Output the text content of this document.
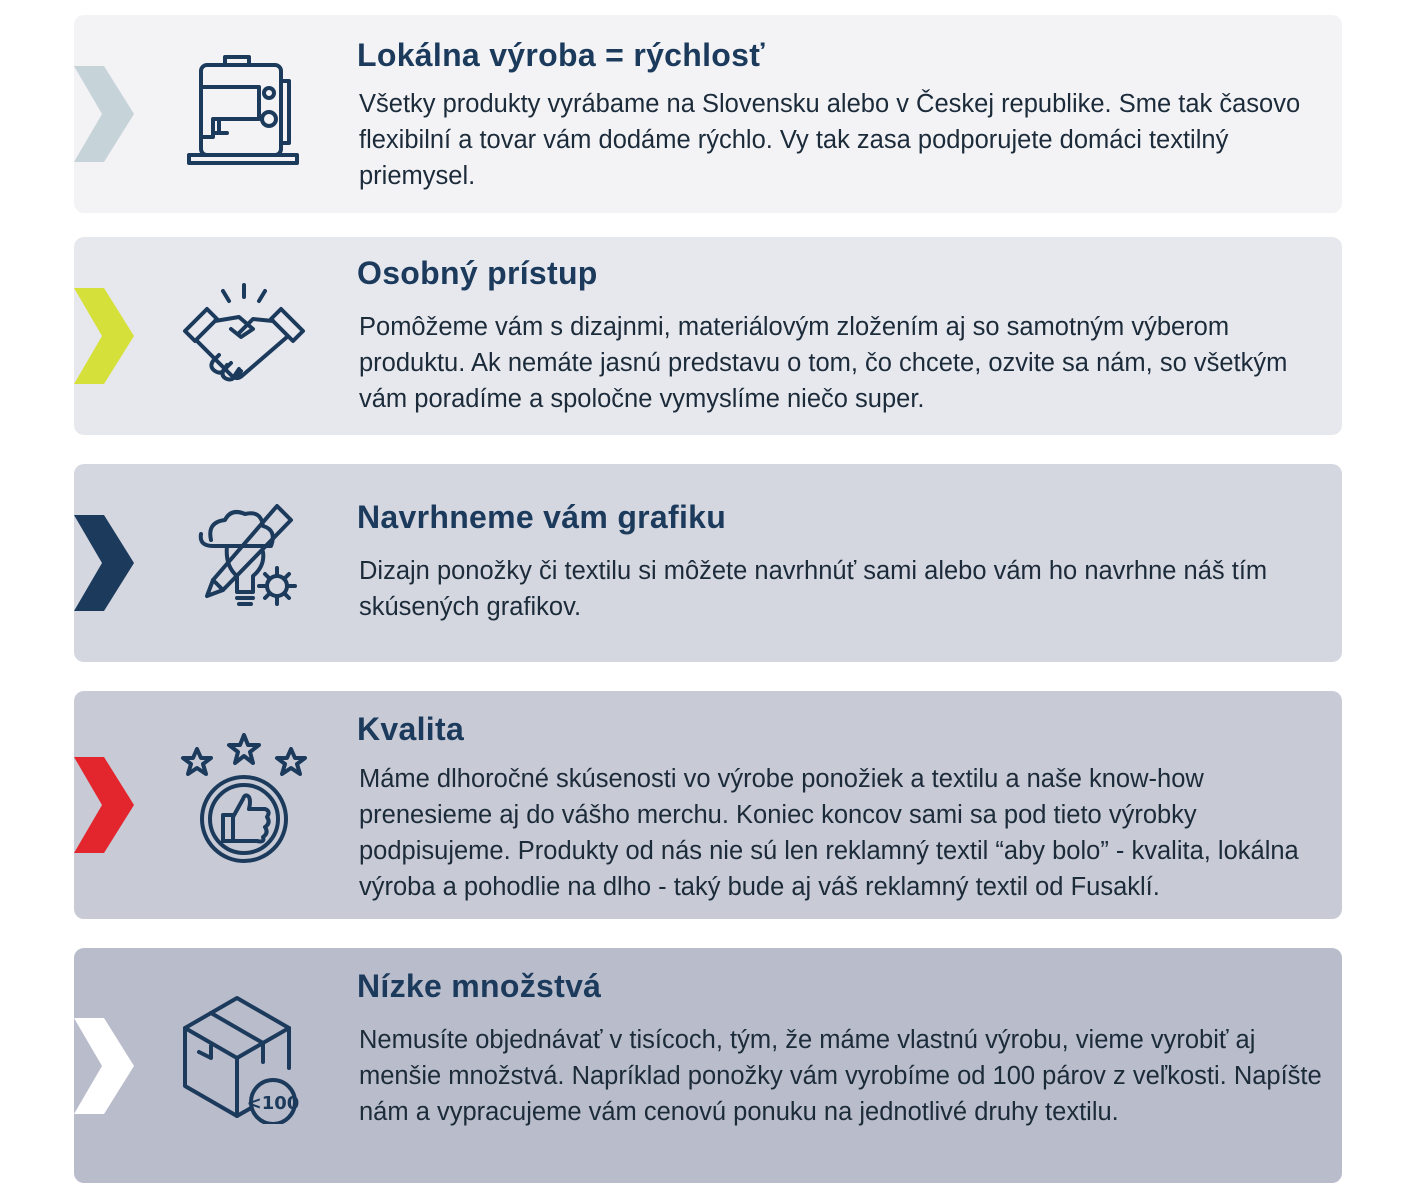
Lokálna výroba = rýchlosť

Všetky produkty vyrábame na Slovensku alebo v Českej republike. Sme tak časovo flexibilní a tovar vám dodáme rýchlo. Vy tak zasa podporujete domáci textilný priemysel.

Osobný prístup

Pomôžeme vám s dizajnmi, materiálovým zložením aj so samotným výberom produktu. Ak nemáte jasnú predstavu o tom, čo chcete, ozvite sa nám, so všetkým vám poradíme a spoločne vymyslíme niečo super.

Navrhneme vám grafiku

Dizajn ponožky či textilu si môžete navrhnúť sami alebo vám ho navrhne náš tím skúsených grafikov.

Kvalita

Máme dlhoročné skúsenosti vo výrobe ponožiek a textilu a naše know-how prenesieme aj do vášho merchu. Koniec koncov sami sa pod tieto výrobky podpisujeme. Produkty od nás nie sú len reklamný textil “aby bolo” - kvalita, lokálna výroba a pohodlie na dlho - taký bude aj váš reklamný textil od Fusaklí.

<100
Nízke množstvá

Nemusíte objednávať v tisícoch, tým, že máme vlastnú výrobu, vieme vyrobiť aj menšie množstvá. Napríklad ponožky vám vyrobíme od 100 párov z veľkosti. Napíšte nám a vypracujeme vám cenovú ponuku na jednotlivé druhy textilu.
